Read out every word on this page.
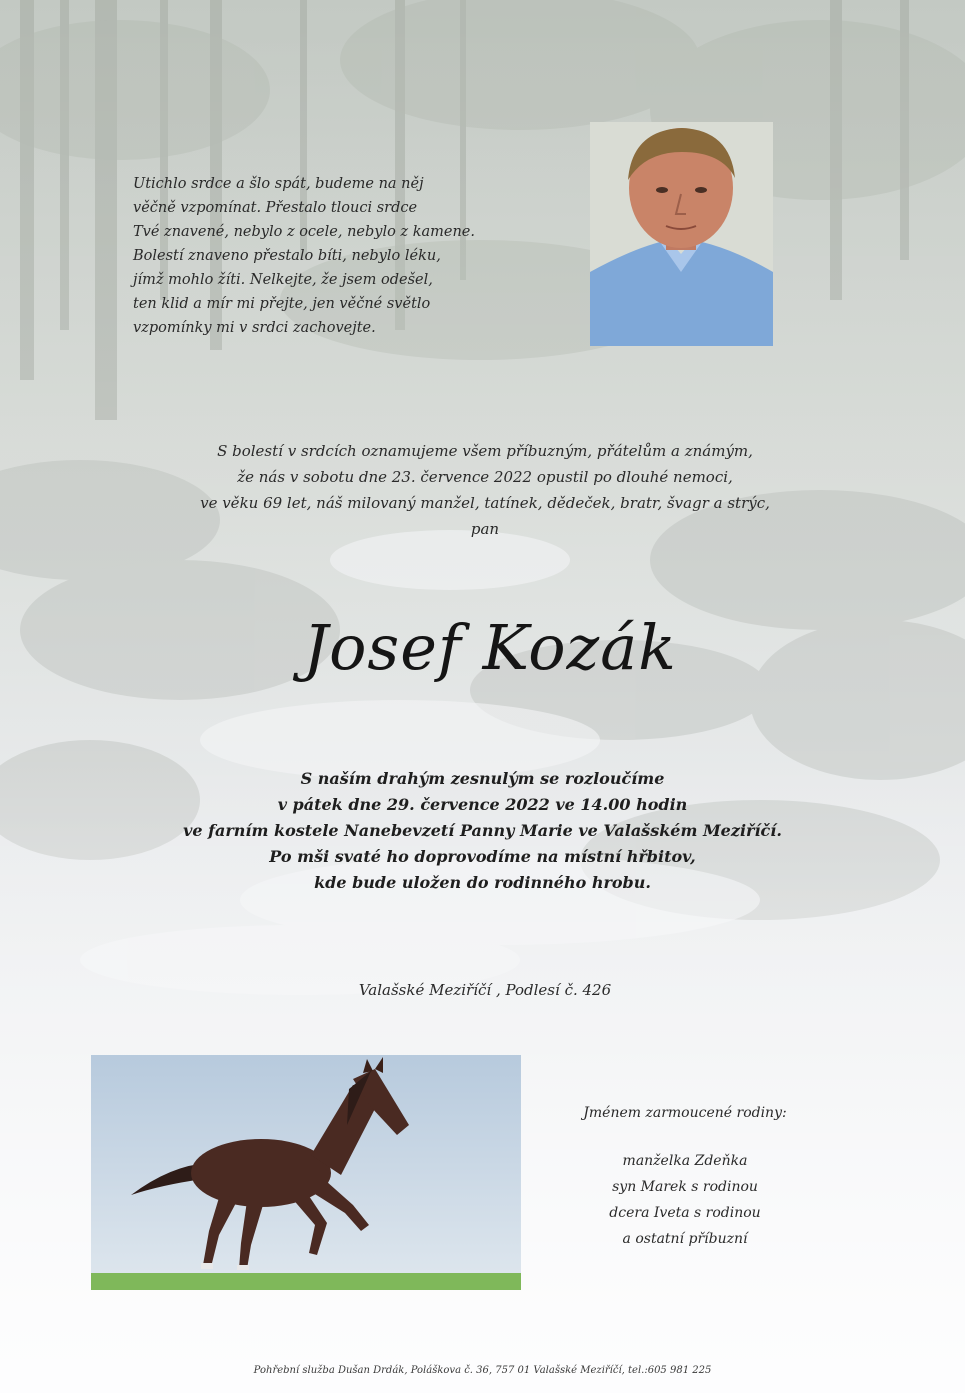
Utichlo srdce a šlo spát, budeme na něj
věčně vzpomínat. Přestalo tlouci srdce
Tvé znavené, nebylo z ocele, nebylo z kamene.
Bolestí znaveno přestalo bíti, nebylo léku,
jímž mohlo žíti. Nelkejte, že jsem odešel,
ten klid a mír mi přejte, jen věčné světlo
vzpomínky mi v srdci zachovejte.
S bolestí v srdcích oznamujeme všem příbuzným, přátelům a známým,
že nás v sobotu dne 23. července 2022 opustil po dlouhé nemoci,
ve věku 69 let, náš milovaný manžel, tatínek, dědeček, bratr, švagr a strýc,
pan
Josef Kozák
S naším drahým zesnulým se rozloučíme
v pátek dne 29. července 2022 ve 14.00 hodin
ve farním kostele Nanebevzetí Panny Marie ve Valašském Meziříčí.
Po mši svaté ho doprovodíme na místní hřbitov,
kde bude uložen do rodinného hrobu.
Valašské Meziříčí , Podlesí č. 426
Jménem zarmoucené rodiny:
manželka Zdeňka
syn Marek s rodinou
dcera Iveta s rodinou
a ostatní příbuzní
Pohřební služba Dušan Drdák, Poláškova č. 36, 757 01 Valašské Meziříčí, tel.:605 981 225
